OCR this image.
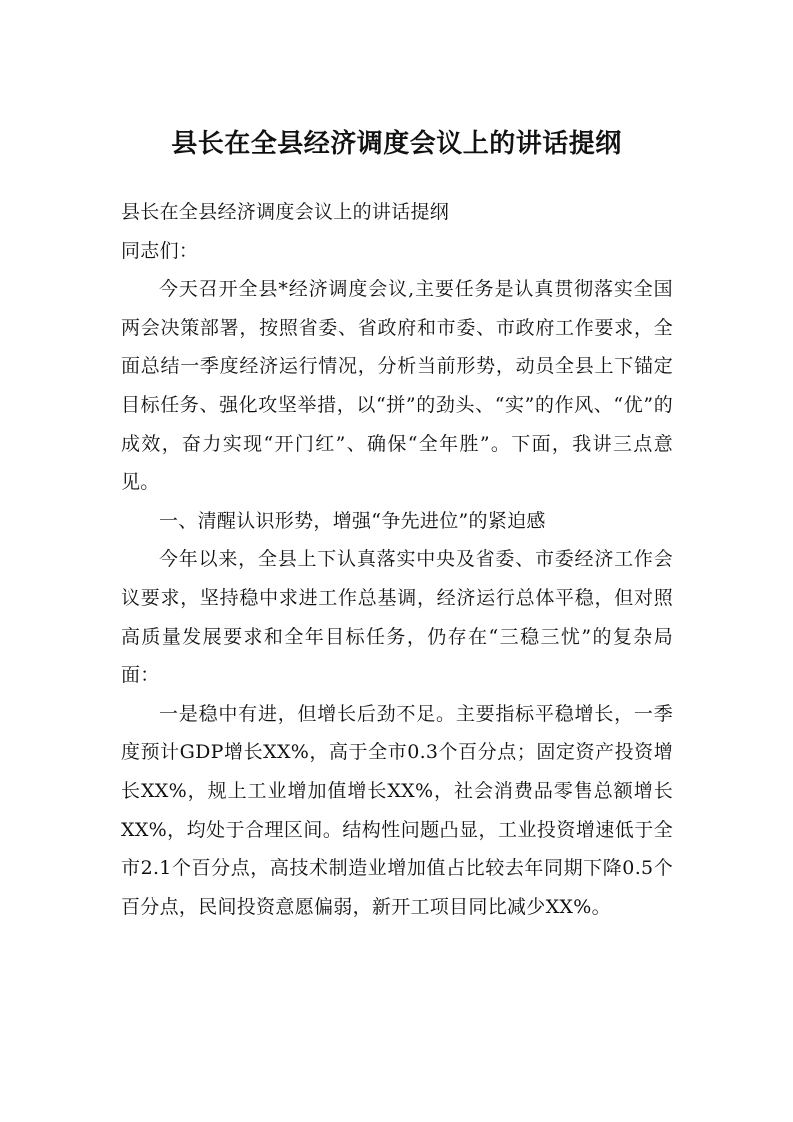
县长在全县经济调度会议上的讲话提纲

县长在全县经济调度会议上的讲话提纲

同志们：

今天召开全县*经济调度会议,主要任务是认真贯彻落实全国两会决策部署，按照省委、省政府和市委、市政府工作要求，全面总结一季度经济运行情况，分析当前形势，动员全县上下锚定目标任务、强化攻坚举措，以“拼”的劲头、“实”的作风、“优”的成效，奋力实现“开门红”、确保“全年胜”。下面，我讲三点意见。

一、清醒认识形势，增强“争先进位”的紧迫感

今年以来，全县上下认真落实中央及省委、市委经济工作会议要求，坚持稳中求进工作总基调，经济运行总体平稳，但对照高质量发展要求和全年目标任务，仍存在“三稳三忧”的复杂局面：

一是稳中有进，但增长后劲不足。主要指标平稳增长，一季度预计GDP增长XX%，高于全市0.3个百分点；固定资产投资增长XX%，规上工业增加值增长XX%，社会消费品零售总额增长XX%，均处于合理区间。结构性问题凸显，工业投资增速低于全市2.1个百分点，高技术制造业增加值占比较去年同期下降0.5个百分点，民间投资意愿偏弱，新开工项目同比减少XX%。
